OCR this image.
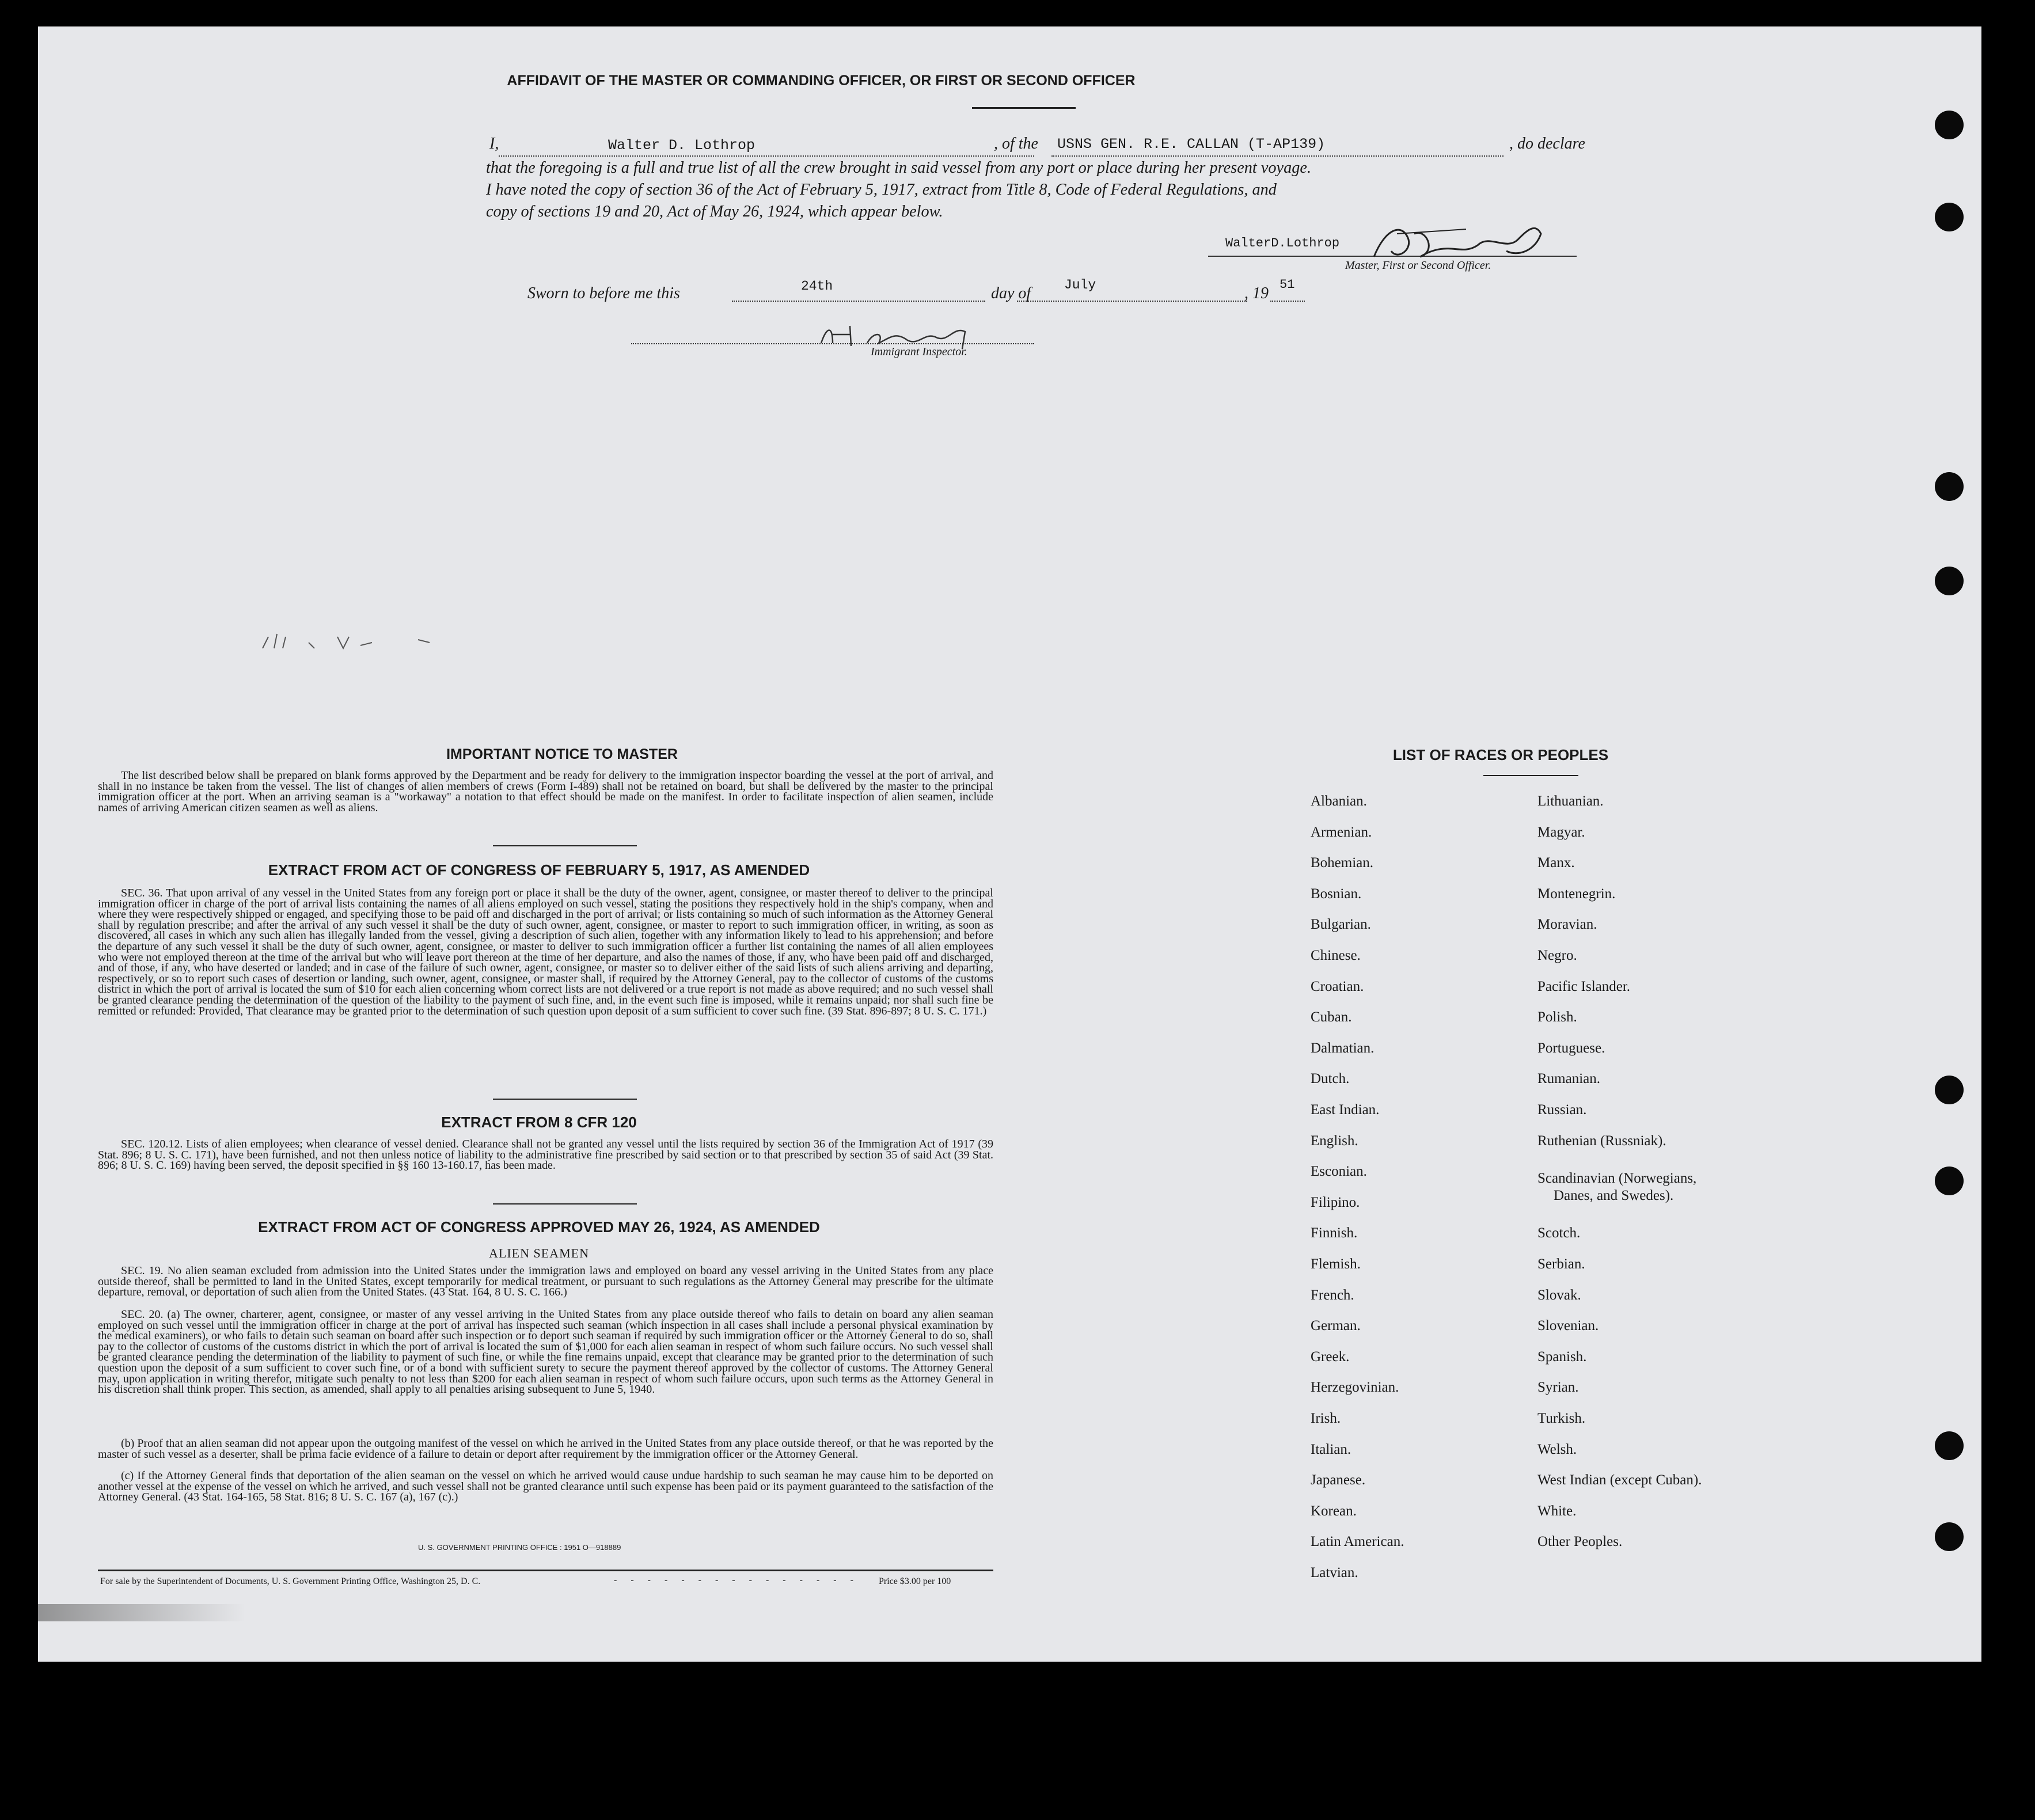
AFFIDAVIT OF THE MASTER OR COMMANDING OFFICER, OR FIRST OR SECOND OFFICER
I,	Walter D. Lothrop	, of the USNS GEN. R.E. CALLAN (T-AP139)	, do declare
that the foregoing is a full and true list of all the crew brought in said vessel from any port or place during her present voyage.
I have noted the copy of section 36 of the Act of February 5, 1917, extract from Title 8, Code of Federal Regulations, and
copy of sections 19 and 20, Act of May 26, 1924, which appear below.
WalterD.Lothrop
Master, First or Second Officer.
Sworn to before me this	24th	day of	July	, 19 51
Immigrant Inspector.
IMPORTANT NOTICE TO MASTER
The list described below shall be prepared on blank forms approved by the Department and be ready for delivery to the immigration inspector boarding the vessel at the port of arrival, and shall in no instance be taken from the vessel. The list of changes of alien members of crews (Form I-489) shall not be retained on board, but shall be delivered by the master to the principal immigration officer at the port. When an arriving seaman is a "workaway" a notation to that effect should be made on the manifest. In order to facilitate inspection of alien seamen, include names of arriving American citizen seamen as well as aliens.
EXTRACT FROM ACT OF CONGRESS OF FEBRUARY 5, 1917, AS AMENDED
SEC. 36. That upon arrival of any vessel in the United States from any foreign port or place it shall be the duty of the owner, agent, consignee, or master thereof to deliver to the principal immigration officer in charge of the port of arrival lists containing the names of all aliens employed on such vessel, stating the positions they respectively hold in the ship's company, when and where they were respectively shipped or engaged, and specifying those to be paid off and discharged in the port of arrival; or lists containing so much of such information as the Attorney General shall by regulation prescribe; and after the arrival of any such vessel it shall be the duty of such owner, agent, consignee, or master to report to such immigration officer, in writing, as soon as discovered, all cases in which any such alien has illegally landed from the vessel, giving a description of such alien, together with any information likely to lead to his apprehension; and before the departure of any such vessel it shall be the duty of such owner, agent, consignee, or master to deliver to such immigration officer a further list containing the names of all alien employees who were not employed thereon at the time of the arrival but who will leave port thereon at the time of her departure, and also the names of those, if any, who have been paid off and discharged, and of those, if any, who have deserted or landed; and in case of the failure of such owner, agent, consignee, or master so to deliver either of the said lists of such aliens arriving and departing, respectively, or so to report such cases of desertion or landing, such owner, agent, consignee, or master shall, if required by the Attorney General, pay to the collector of customs of the customs district in which the port of arrival is located the sum of $10 for each alien concerning whom correct lists are not delivered or a true report is not made as above required; and no such vessel shall be granted clearance pending the determination of the question of the liability to the payment of such fine, and, in the event such fine is imposed, while it remains unpaid; nor shall such fine be remitted or refunded: Provided, That clearance may be granted prior to the determination of such question upon deposit of a sum sufficient to cover such fine. (39 Stat. 896-897; 8 U. S. C. 171.)
EXTRACT FROM 8 CFR 120
SEC. 120.12. Lists of alien employees; when clearance of vessel denied. Clearance shall not be granted any vessel until the lists required by section 36 of the Immigration Act of 1917 (39 Stat. 896; 8 U. S. C. 171), have been furnished, and not then unless notice of liability to the administrative fine prescribed by said section or to that prescribed by section 35 of said Act (39 Stat. 896; 8 U. S. C. 169) having been served, the deposit specified in §§ 160 13-160.17, has been made.
EXTRACT FROM ACT OF CONGRESS APPROVED MAY 26, 1924, AS AMENDED
ALIEN SEAMEN
SEC. 19. No alien seaman excluded from admission into the United States under the immigration laws and employed on board any vessel arriving in the United States from any place outside thereof, shall be permitted to land in the United States, except temporarily for medical treatment, or pursuant to such regulations as the Attorney General may prescribe for the ultimate departure, removal, or deportation of such alien from the United States. (43 Stat. 164, 8 U. S. C. 166.)
SEC. 20. (a) The owner, charterer, agent, consignee, or master of any vessel arriving in the United States from any place outside thereof who fails to detain on board any alien seaman employed on such vessel until the immigration officer in charge at the port of arrival has inspected such seaman (which inspection in all cases shall include a personal physical examination by the medical examiners), or who fails to detain such seaman on board after such inspection or to deport such seaman if required by such immigration officer or the Attorney General to do so, shall pay to the collector of customs of the customs district in which the port of arrival is located the sum of $1,000 for each alien seaman in respect of whom such failure occurs. No such vessel shall be granted clearance pending the determination of the liability to payment of such fine, or while the fine remains unpaid, except that clearance may be granted prior to the determination of such question upon the deposit of a sum sufficient to cover such fine, or of a bond with sufficient surety to secure the payment thereof approved by the collector of customs. The Attorney General may, upon application in writing therefor, mitigate such penalty to not less than $200 for each alien seaman in respect of whom such failure occurs, upon such terms as the Attorney General in his discretion shall think proper. This section, as amended, shall apply to all penalties arising subsequent to June 5, 1940.
(b) Proof that an alien seaman did not appear upon the outgoing manifest of the vessel on which he arrived in the United States from any place outside thereof, or that he was reported by the master of such vessel as a deserter, shall be prima facie evidence of a failure to detain or deport after requirement by the immigration officer or the Attorney General.
(c) If the Attorney General finds that deportation of the alien seaman on the vessel on which he arrived would cause undue hardship to such seaman he may cause him to be deported on another vessel at the expense of the vessel on which he arrived, and such vessel shall not be granted clearance until such expense has been paid or its payment guaranteed to the satisfaction of the Attorney General. (43 Stat. 164-165, 58 Stat. 816; 8 U. S. C. 167 (a), 167 (c).)
U. S. GOVERNMENT PRINTING OFFICE : 1951 O—918889
For sale by the Superintendent of Documents, U. S. Government Printing Office, Washington 25, D. C.	- - - - - - - - - - - - - - - Price $3.00 per 100
LIST OF RACES OR PEOPLES
Albanian.
Armenian.
Bohemian.
Bosnian.
Bulgarian.
Chinese.
Croatian.
Cuban.
Dalmatian.
Dutch.
East Indian.
English.
Esconian.
Filipino.
Finnish.
Flemish.
French.
German.
Greek.
Herzegovinian.
Irish.
Italian.
Japanese.
Korean.
Latin American.
Latvian.
Lithuanian.
Magyar.
Manx.
Montenegrin.
Moravian.
Negro.
Pacific Islander.
Polish.
Portuguese.
Rumanian.
Russian.
Ruthenian (Russniak).
Scandinavian (Norwegians,
Danes, and Swedes).
Scotch.
Serbian.
Slovak.
Slovenian.
Spanish.
Syrian.
Turkish.
Welsh.
West Indian (except Cuban).
White.
Other Peoples.
